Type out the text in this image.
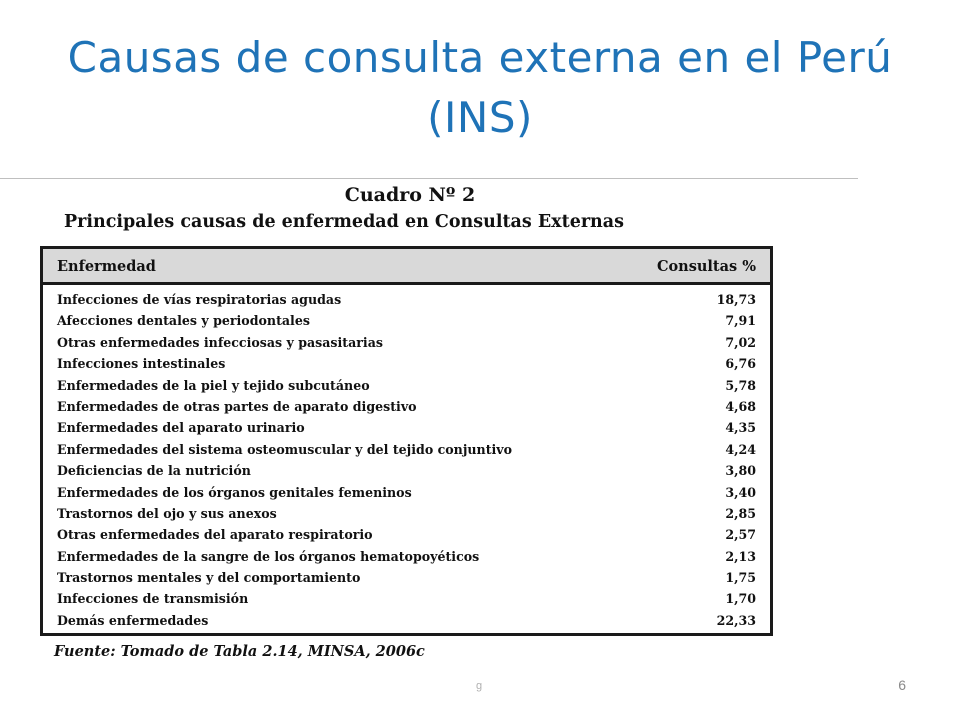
Causas de consulta externa en el Perú
(INS)
Cuadro Nº 2
Principales causas de enfermedad en Consultas Externas
Enfermedad	Consultas %
Infecciones de vías respiratorias agudas	18,73
Afecciones dentales y periodontales	7,91
Otras enfermedades infecciosas y pasasitarias	7,02
Infecciones intestinales	6,76
Enfermedades de la piel y tejido subcutáneo	5,78
Enfermedades de otras partes de aparato digestivo	4,68
Enfermedades del aparato urinario	4,35
Enfermedades del sistema osteomuscular y del tejido conjuntivo	4,24
Deficiencias de la nutrición	3,80
Enfermedades de los órganos genitales femeninos	3,40
Trastornos del ojo y sus anexos	2,85
Otras enfermedades del aparato respiratorio	2,57
Enfermedades de la sangre de los órganos hematopoyéticos	2,13
Trastornos mentales y del comportamiento	1,75
Infecciones de transmisión	1,70
Demás enfermedades	22,33
Fuente: Tomado de Tabla 2.14, MINSA, 2006c
g	6
